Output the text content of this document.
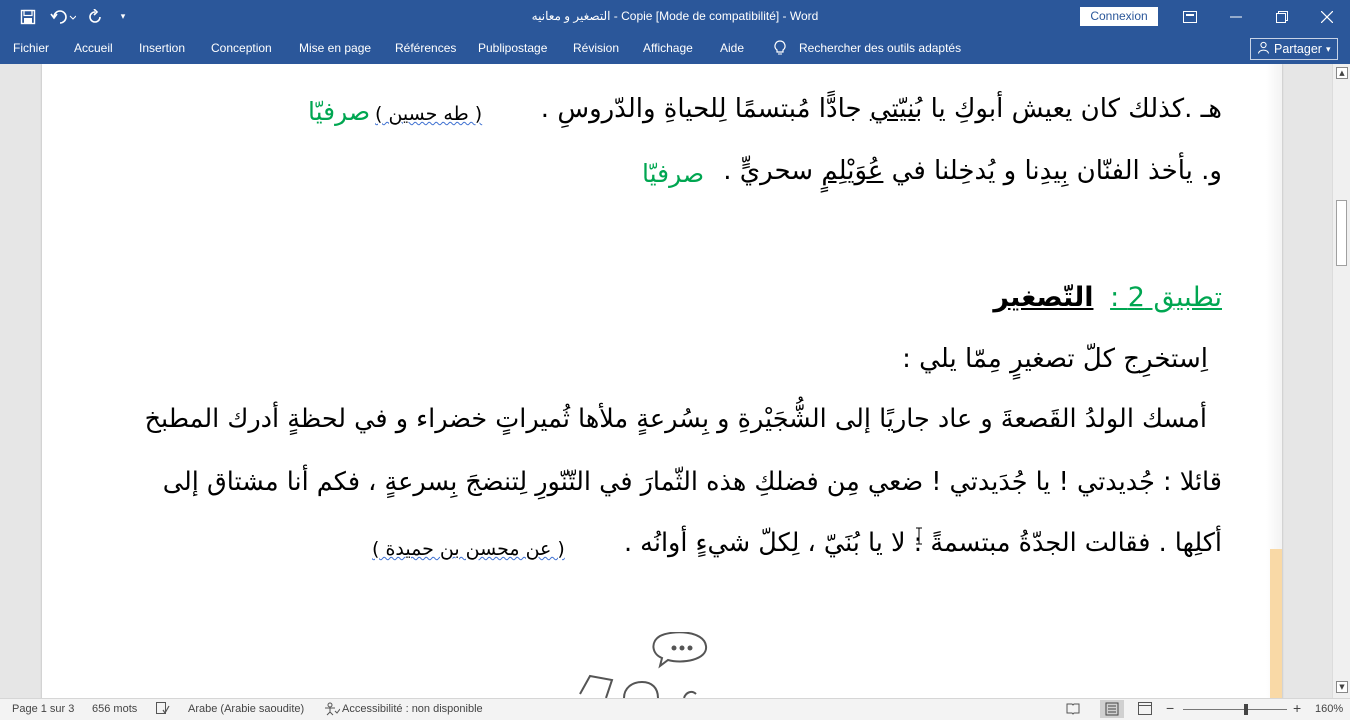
▾	التصغير و معانيه - Copie [Mode de compatibilité] - Word	Connexion
Fichier Accueil Insertion Conception Mise en page Références Publipostage Révision Affichage Aide	Rechercher des outils adaptés	Partager ▾
هـ .كذلك كان يعيش أبوكِ يا بُنيّتي جادًّا مُبتسمًا لِلحياةِ والدّروسِ .
( طه حسين )
صرفيّا
و. يأخذ الفنّان بِيدِنا و يُدخِلنا في عُوَيْلِمٍ سحريٍّ .
صرفيّا
تطبيق 2 : التّصغير
اِستخرِج كلّ تصغيرٍ مِمّا يلي :
أمسك الولدُ القَصعةَ و عاد جاريًا إلى الشُّجَيْرةِ و بِسُرعةٍ ملأها ثُميراتٍ خضراء و في لحظةٍ أدرك المطبخ
قائلا : جُديدتي ! يا جُدَيدتي ! ضعي مِن فضلكِ هذه الثّمارَ في التّنّورِ لِتنضجَ بِسرعةٍ ، فكم أنا مشتاق إلى
أكلِها . فقالت الجدّةُ مبتسمةً : لا يا بُنَيّ ، لِكلّ شيءٍ أوانُه .
( عن محسن بن حميدة )
▲
▼
Page 1 sur 3 656 mots	Arabe (Arabie saoudite)	Accessibilité : non disponible	−	+ 160%
